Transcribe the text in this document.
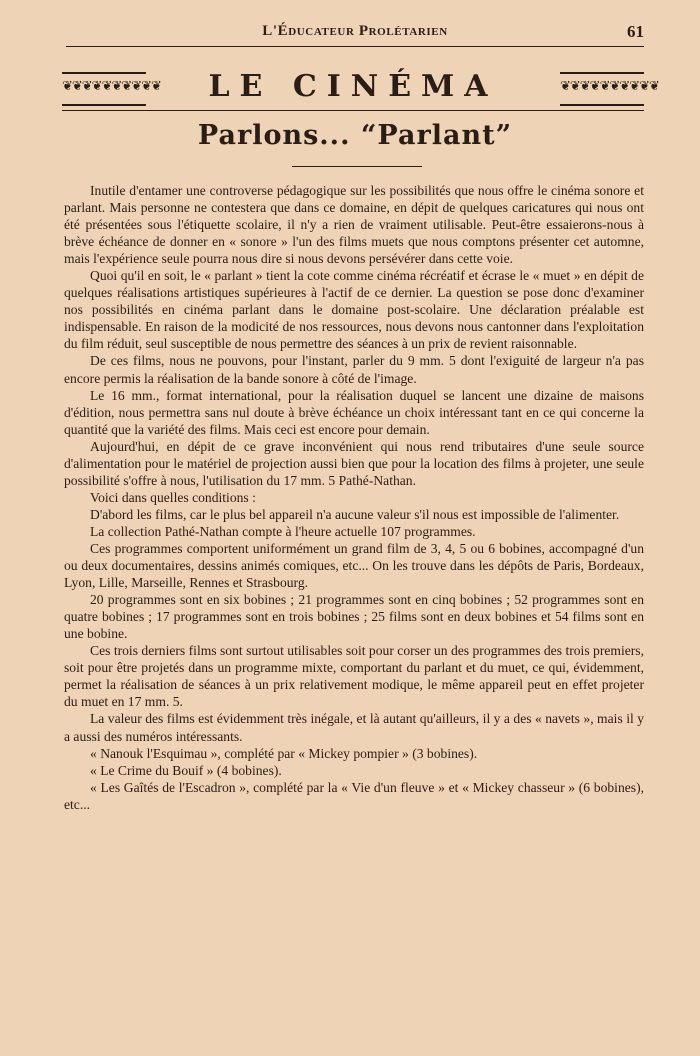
L'Éducateur Prolétarien	61
❦❦❦❦❦❦❦❦❦❦	LE CINÉMA	❦❦❦❦❦❦❦❦❦❦
Parlons... “Parlant”

Inutile d'entamer une controverse pédagogique sur les possibilités que nous offre le cinéma sonore et parlant. Mais personne ne contestera que dans ce domaine, en dépit de quelques caricatures qui nous ont été présentées sous l'étiquette scolaire, il n'y a rien de vraiment utilisable. Peut-être essaierons-nous à brève échéance de donner en « sonore » l'un des films muets que nous comptons présenter cet automne, mais l'expérience seule pourra nous dire si nous devons persévérer dans cette voie.

Quoi qu'il en soit, le « parlant » tient la cote comme cinéma récréatif et écrase le « muet » en dépit de quelques réalisations artistiques supérieures à l'actif de ce dernier. La question se pose donc d'examiner nos possibilités en cinéma parlant dans le domaine post-scolaire. Une déclaration préalable est indispensable. En raison de la modicité de nos ressources, nous devons nous cantonner dans l'exploitation du film réduit, seul susceptible de nous permettre des séances à un prix de revient raisonnable.

De ces films, nous ne pouvons, pour l'instant, parler du 9 mm. 5 dont l'exiguité de largeur n'a pas encore permis la réalisation de la bande sonore à côté de l'image.

Le 16 mm., format international, pour la réalisation duquel se lancent une dizaine de maisons d'édition, nous permettra sans nul doute à brève échéance un choix intéressant tant en ce qui concerne la quantité que la variété des films. Mais ceci est encore pour demain.

Aujourd'hui, en dépit de ce grave inconvénient qui nous rend tributaires d'une seule source d'alimentation pour le matériel de projection aussi bien que pour la location des films à projeter, une seule possibilité s'offre à nous, l'utilisation du 17 mm. 5 Pathé-Nathan.

Voici dans quelles conditions :

D'abord les films, car le plus bel appareil n'a aucune valeur s'il nous est impossible de l'alimenter.

La collection Pathé-Nathan compte à l'heure actuelle 107 programmes.

Ces programmes comportent uniformément un grand film de 3, 4, 5 ou 6 bobines, accompagné d'un ou deux documentaires, dessins animés comiques, etc... On les trouve dans les dépôts de Paris, Bordeaux, Lyon, Lille, Marseille, Rennes et Strasbourg.

20 programmes sont en six bobines ; 21 programmes sont en cinq bobines ; 52 programmes sont en quatre bobines ; 17 programmes sont en trois bobines ; 25 films sont en deux bobines et 54 films sont en une bobine.

Ces trois derniers films sont surtout utilisables soit pour corser un des programmes des trois premiers, soit pour être projetés dans un programme mixte, comportant du parlant et du muet, ce qui, évidemment, permet la réalisation de séances à un prix relativement modique, le même appareil peut en effet projeter du muet en 17 mm. 5.

La valeur des films est évidemment très inégale, et là autant qu'ailleurs, il y a des « navets », mais il y a aussi des numéros intéressants.

« Nanouk l'Esquimau », complété par « Mickey pompier » (3 bobines).

« Le Crime du Bouif » (4 bobines).

« Les Gaîtés de l'Escadron », complété par la « Vie d'un fleuve » et « Mickey chasseur » (6 bobines), etc...
